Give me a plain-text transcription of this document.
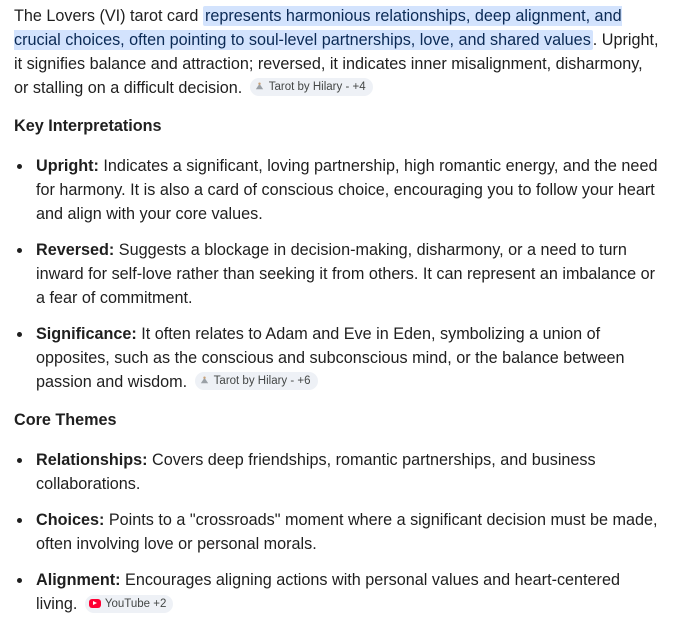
The Lovers (VI) tarot card represents harmonious relationships, deep alignment, and crucial choices, often pointing to soul-level partnerships, love, and shared values . Upright, it signifies balance and attraction; reversed, it indicates inner misalignment, disharmony, or stalling on a difficult decision. Tarot by Hilary - +4

Key Interpretations
Upright: Indicates a significant, loving partnership, high romantic energy, and the need for harmony. It is also a card of conscious choice, encouraging you to follow your heart and align with your core values.
Reversed: Suggests a blockage in decision-making, disharmony, or a need to turn inward for self-love rather than seeking it from others. It can represent an imbalance or a fear of commitment.
Significance: It often relates to Adam and Eve in Eden, symbolizing a union of opposites, such as the conscious and subconscious mind, or the balance between passion and wisdom. Tarot by Hilary - +6
Core Themes
Relationships: Covers deep friendships, romantic partnerships, and business collaborations.
Choices: Points to a "crossroads" moment where a significant decision must be made, often involving love or personal morals.
Alignment: Encourages aligning actions with personal values and heart-centered living. YouTube +2
